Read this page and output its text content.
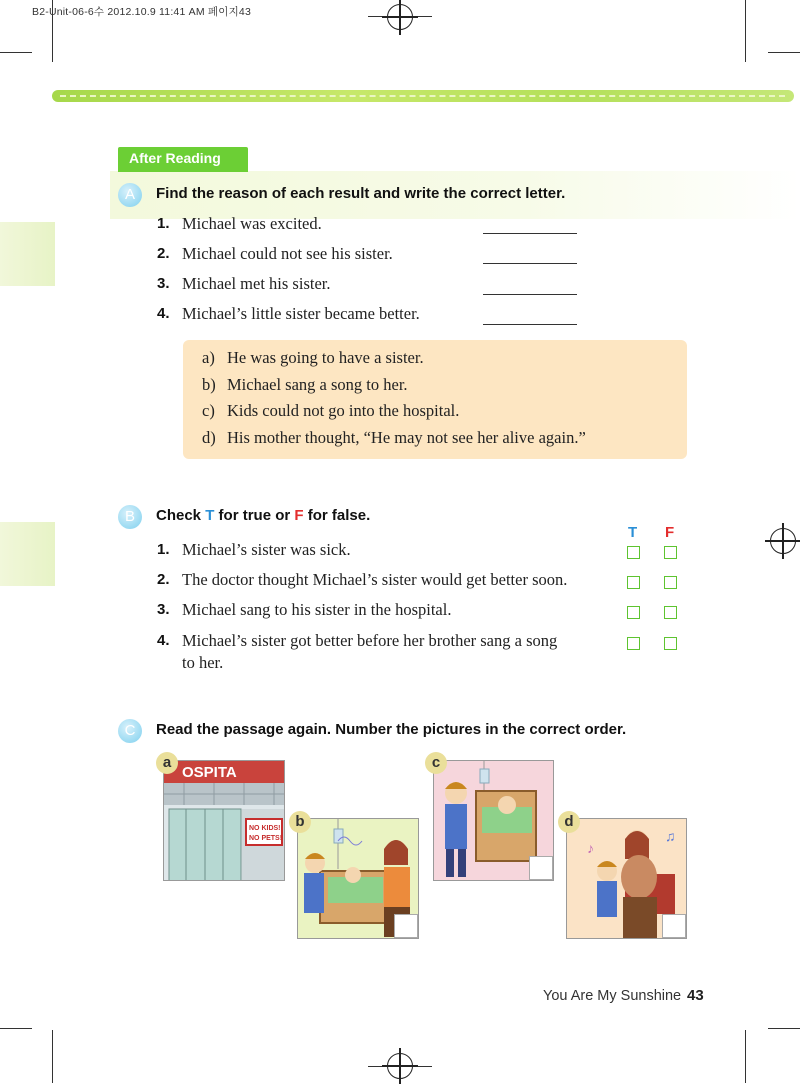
B2-Unit-06-6수 2012.10.9 11:41 AM 페이지43
After Reading
A	Find the reason of each result and write the correct letter.
1. Michael was excited.
2. Michael could not see his sister.
3. Michael met his sister.
4. Michael’s little sister became better.
a) He was going to have a sister.
b) Michael sang a song to her.
c) Kids could not go into the hospital.
d) His mother thought, “He may not see her alive again.”
B	Check T for true or F for false.
T F
1. Michael’s sister was sick.
2. The doctor thought Michael’s sister would get better soon.
3. Michael sang to his sister in the hospital.
4. Michael’s sister got better before her brother sang a song
to her.
C	Read the passage again. Number the pictures in the correct order.
OSPITA
NO KIDS!
NO PETS!
a
b
c
♪
♫
d
You Are My Sunshine 43
